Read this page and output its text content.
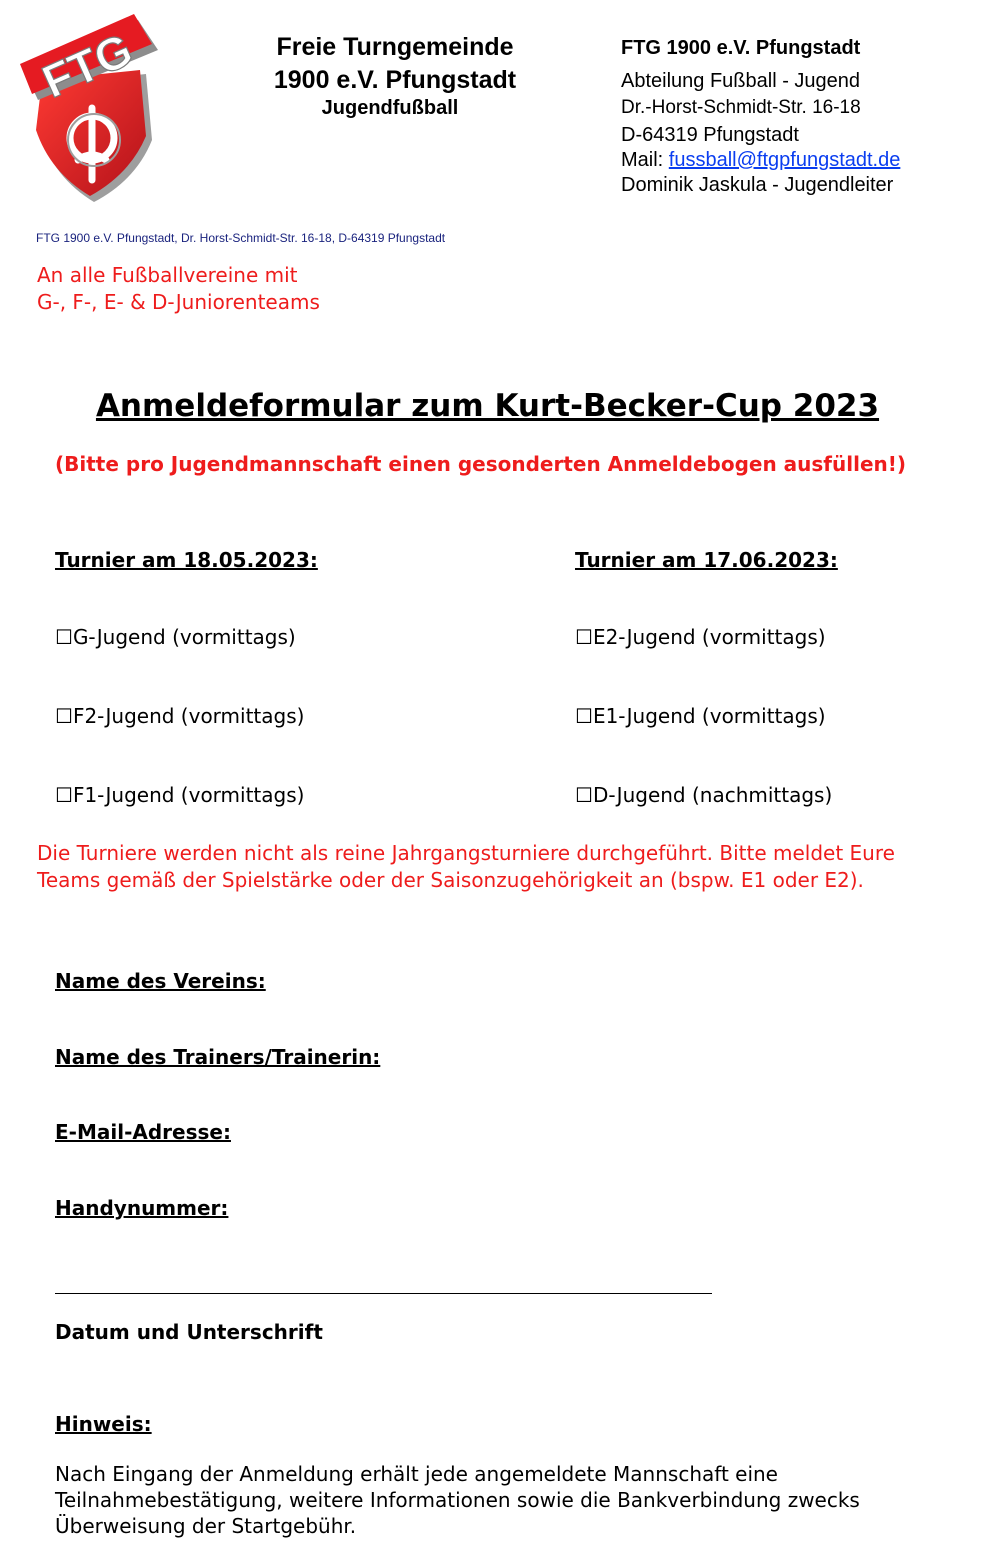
FTG	Freie Turngemeinde
1900 e.V. Pfungstadt
Jugendfußball
FTG 1900 e.V. Pfungstadt
Abteilung Fußball - Jugend
Dr.-Horst-Schmidt-Str. 16-18
D-64319 Pfungstadt
Mail: fussball@ftgpfungstadt.de
Dominik Jaskula - Jugendleiter
FTG 1900 e.V. Pfungstadt, Dr. Horst-Schmidt-Str. 16-18, D-64319 Pfungstadt
An alle Fußballvereine mit
G-, F-, E- & D-Juniorenteams
Anmeldeformular zum Kurt-Becker-Cup 2023
(Bitte pro Jugendmannschaft einen gesonderten Anmeldebogen ausfüllen!)
Turnier am 18.05.2023:	Turnier am 17.06.2023:
☐G-Jugend (vormittags)
☐F2-Jugend (vormittags)
☐F1-Jugend (vormittags)
☐E2-Jugend (vormittags)
☐E1-Jugend (vormittags)
☐D-Jugend (nachmittags)
Die Turniere werden nicht als reine Jahrgangsturniere durchgeführt. Bitte meldet Eure Teams gemäß der Spielstärke oder der Saisonzugehörigkeit an (bspw. E1 oder E2).
Name des Vereins:
Name des Trainers/Trainerin:
E-Mail-Adresse:
Handynummer:
Datum und Unterschrift
Hinweis:
Nach Eingang der Anmeldung erhält jede angemeldete Mannschaft eine Teilnahmebestätigung, weitere Informationen sowie die Bankverbindung zwecks Überweisung der Startgebühr.
